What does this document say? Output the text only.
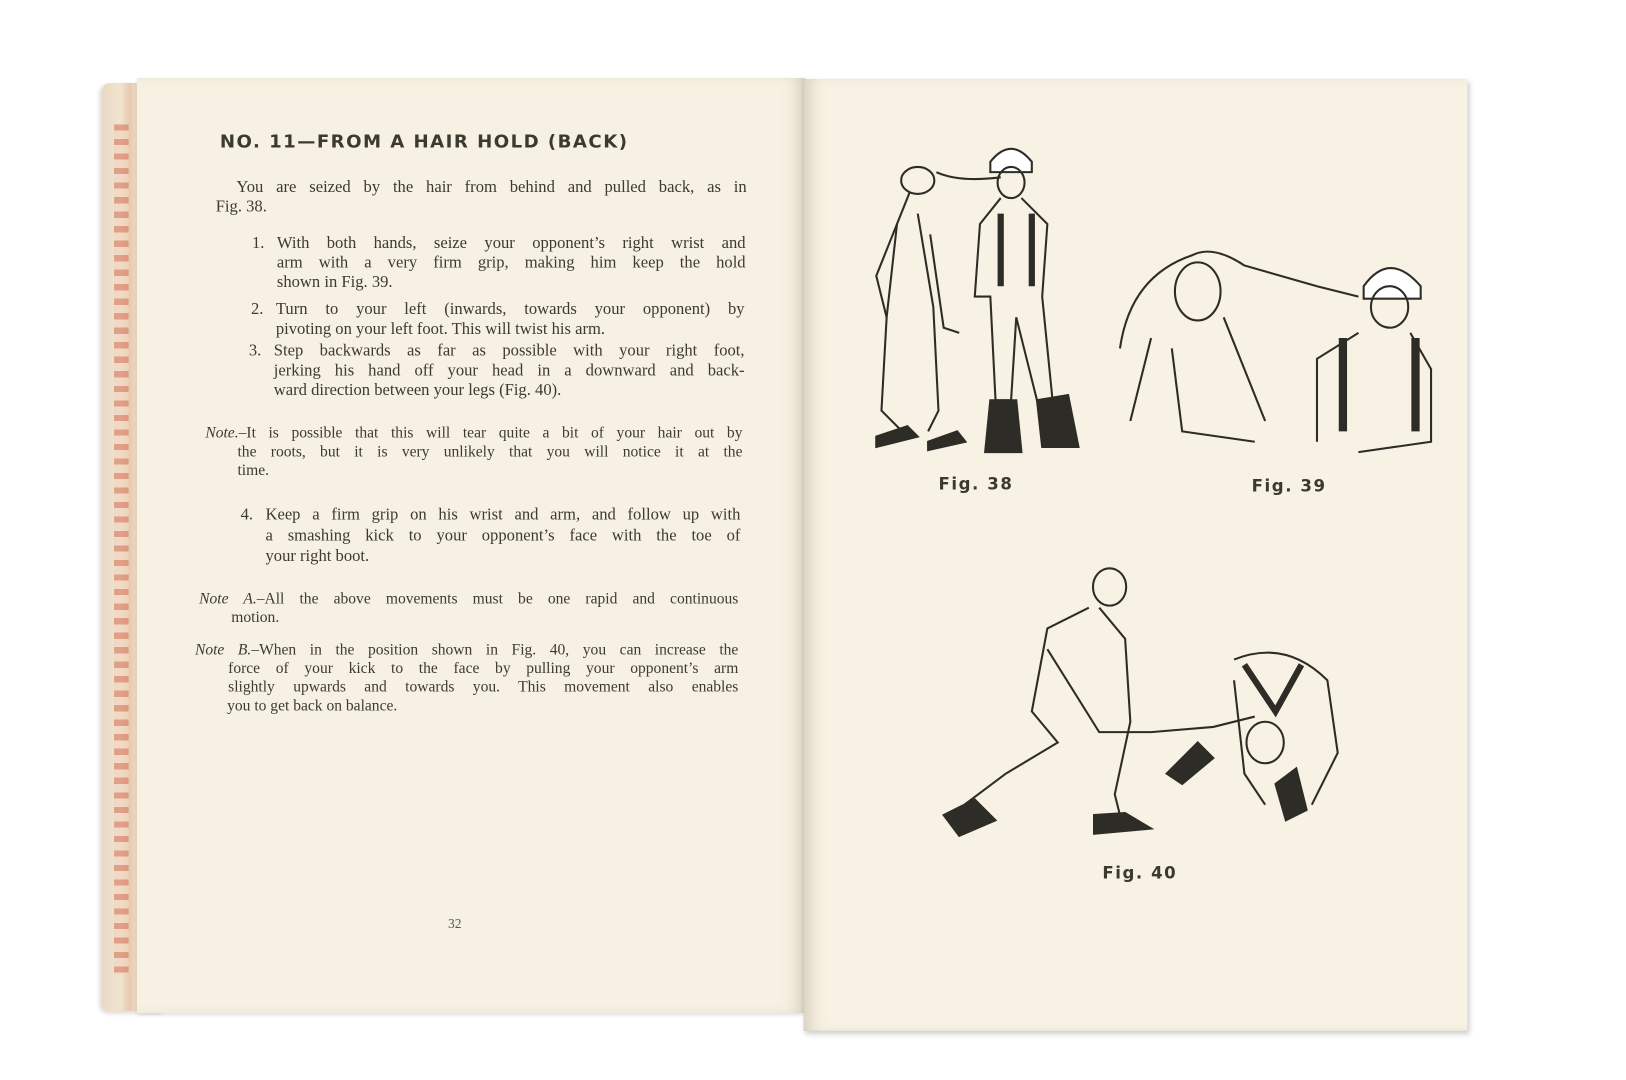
NO. 11—FROM A HAIR HOLD (BACK)
You are seized by the hair from behind and pulled back, as in
Fig. 38.
1. With both hands, seize your opponent’s right wrist and
arm with a very firm grip, making him keep the hold
shown in Fig. 39.
2. Turn to your left (inwards, towards your opponent) by
pivoting on your left foot. This will twist his arm.
3. Step backwards as far as possible with your right foot,
jerking his hand off your head in a downward and back-
ward direction between your legs (Fig. 40).
Note.–It is possible that this will tear quite a bit of your hair out by
the roots, but it is very unlikely that you will notice it at the
time.
4. Keep a firm grip on his wrist and arm, and follow up with
a smashing kick to your opponent’s face with the toe of
your right boot.
Note A.–All the above movements must be one rapid and continuous
motion.
Note B.–When in the position shown in Fig. 40, you can increase the
force of your kick to the face by pulling your opponent’s arm
slightly upwards and towards you. This movement also enables
you to get back on balance.
32
Fig. 38	Fig. 39
Fig. 40
